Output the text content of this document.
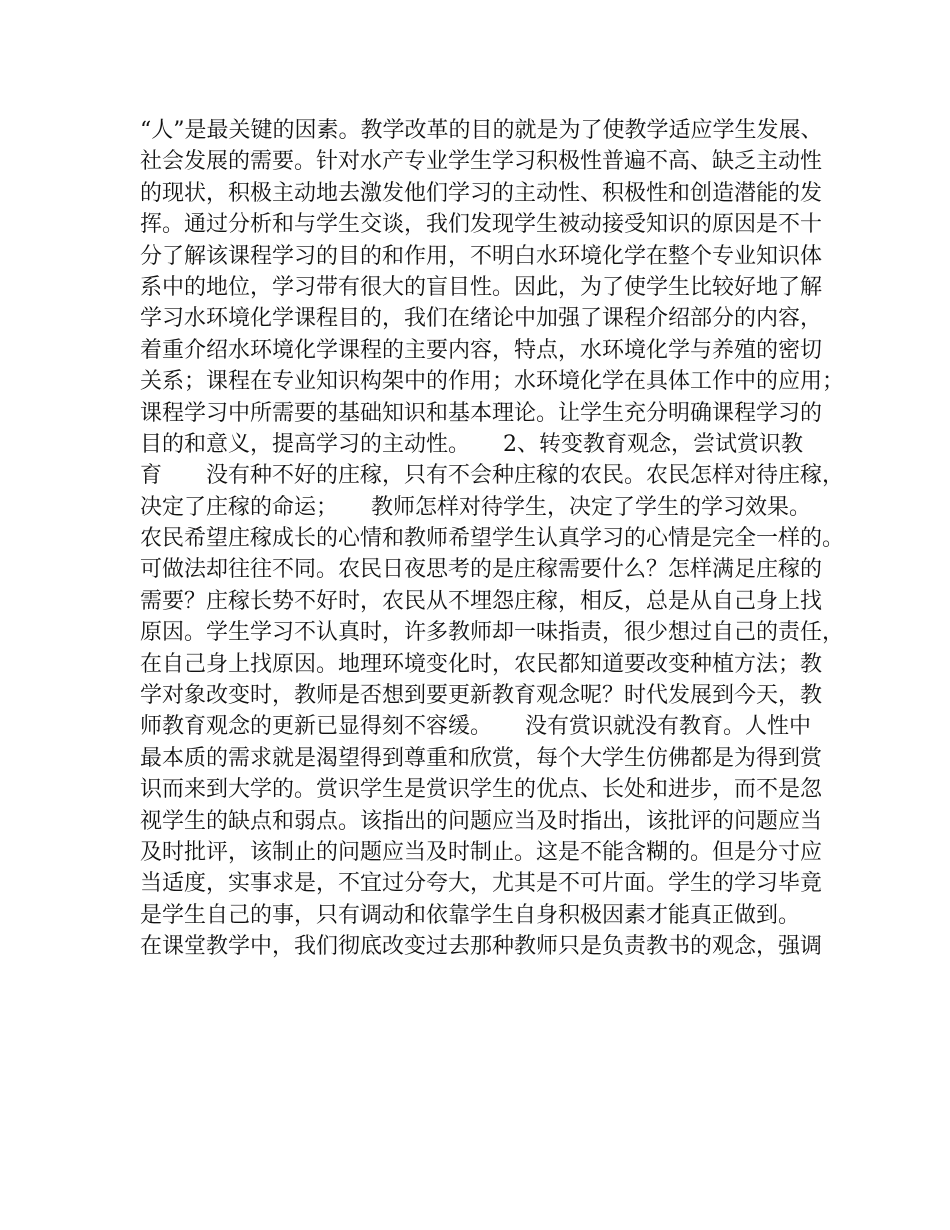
“人”是最关键的因素。教学改革的目的就是为了使教学适应学生发展、
社会发展的需要。针对水产专业学生学习积极性普遍不高、缺乏主动性
的现状，积极主动地去激发他们学习的主动性、积极性和创造潜能的发
挥。通过分析和与学生交谈，我们发现学生被动接受知识的原因是不十
分了解该课程学习的目的和作用，不明白水环境化学在整个专业知识体
系中的地位，学习带有很大的盲目性。因此，为了使学生比较好地了解
学习水环境化学课程目的，我们在绪论中加强了课程介绍部分的内容，
着重介绍水环境化学课程的主要内容，特点，水环境化学与养殖的密切
关系；课程在专业知识构架中的作用；水环境化学在具体工作中的应用；
课程学习中所需要的基础知识和基本理论。让学生充分明确课程学习的
目的和意义，提高学习的主动性。　　2、转变教育观念，尝试赏识教
育　　没有种不好的庄稼，只有不会种庄稼的农民。农民怎样对待庄稼，
决定了庄稼的命运；　　教师怎样对待学生，决定了学生的学习效果。
农民希望庄稼成长的心情和教师希望学生认真学习的心情是完全一样的。
可做法却往往不同。农民日夜思考的是庄稼需要什么？怎样满足庄稼的
需要？庄稼长势不好时，农民从不埋怨庄稼，相反，总是从自己身上找
原因。学生学习不认真时，许多教师却一味指责，很少想过自己的责任，
在自己身上找原因。地理环境变化时，农民都知道要改变种植方法；教
学对象改变时，教师是否想到要更新教育观念呢？时代发展到今天，教
师教育观念的更新已显得刻不容缓。　　没有赏识就没有教育。人性中
最本质的需求就是渴望得到尊重和欣赏，每个大学生仿佛都是为得到赏
识而来到大学的。赏识学生是赏识学生的优点、长处和进步，而不是忽
视学生的缺点和弱点。该指出的问题应当及时指出，该批评的问题应当
及时批评，该制止的问题应当及时制止。这是不能含糊的。但是分寸应
当适度，实事求是，不宜过分夸大，尤其是不可片面。学生的学习毕竟
是学生自己的事，只有调动和依靠学生自身积极因素才能真正做到。
在课堂教学中，我们彻底改变过去那种教师只是负责教书的观念，强调
